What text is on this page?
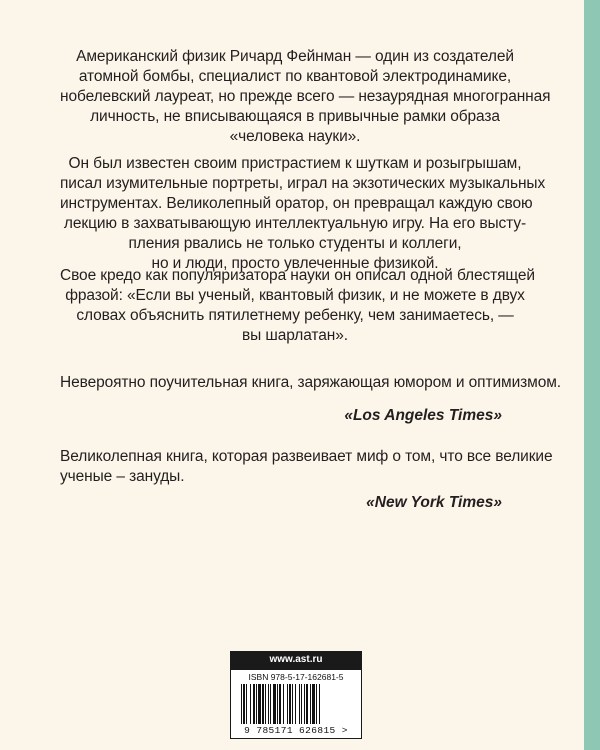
Американский физик Ричард Фейнман — один из создателей
атомной бомбы, специалист по квантовой электродинамике,
нобелевский лауреат, но прежде всего — незаурядная многогранная
личность, не вписывающаяся в привычные рамки образа
«человека науки».
Он был известен своим пристрастием к шуткам и розыгрышам,
писал изумительные портреты, играл на экзотических музыкальных
инструментах. Великолепный оратор, он превращал каждую свою
лекцию в захватывающую интеллектуальную игру. На его высту-
пления рвались не только студенты и коллеги,
но и люди, просто увлеченные физикой.
Свое кредо как популяризатора науки он описал одной блестящей
фразой: «Если вы ученый, квантовый физик, и не можете в двух
словах объяснить пятилетнему ребенку, чем занимаетесь, —
вы шарлатан».
Невероятно поучительная книга, заряжающая юмором и оптимизмом.

«Los Angeles Times»

Великолепная книга, которая развеивает миф о том, что все великие
ученые – зануды.

«New York Times»

www.ast.ru
ISBN 978-5-17-162681-5
9 785171 626815 >
